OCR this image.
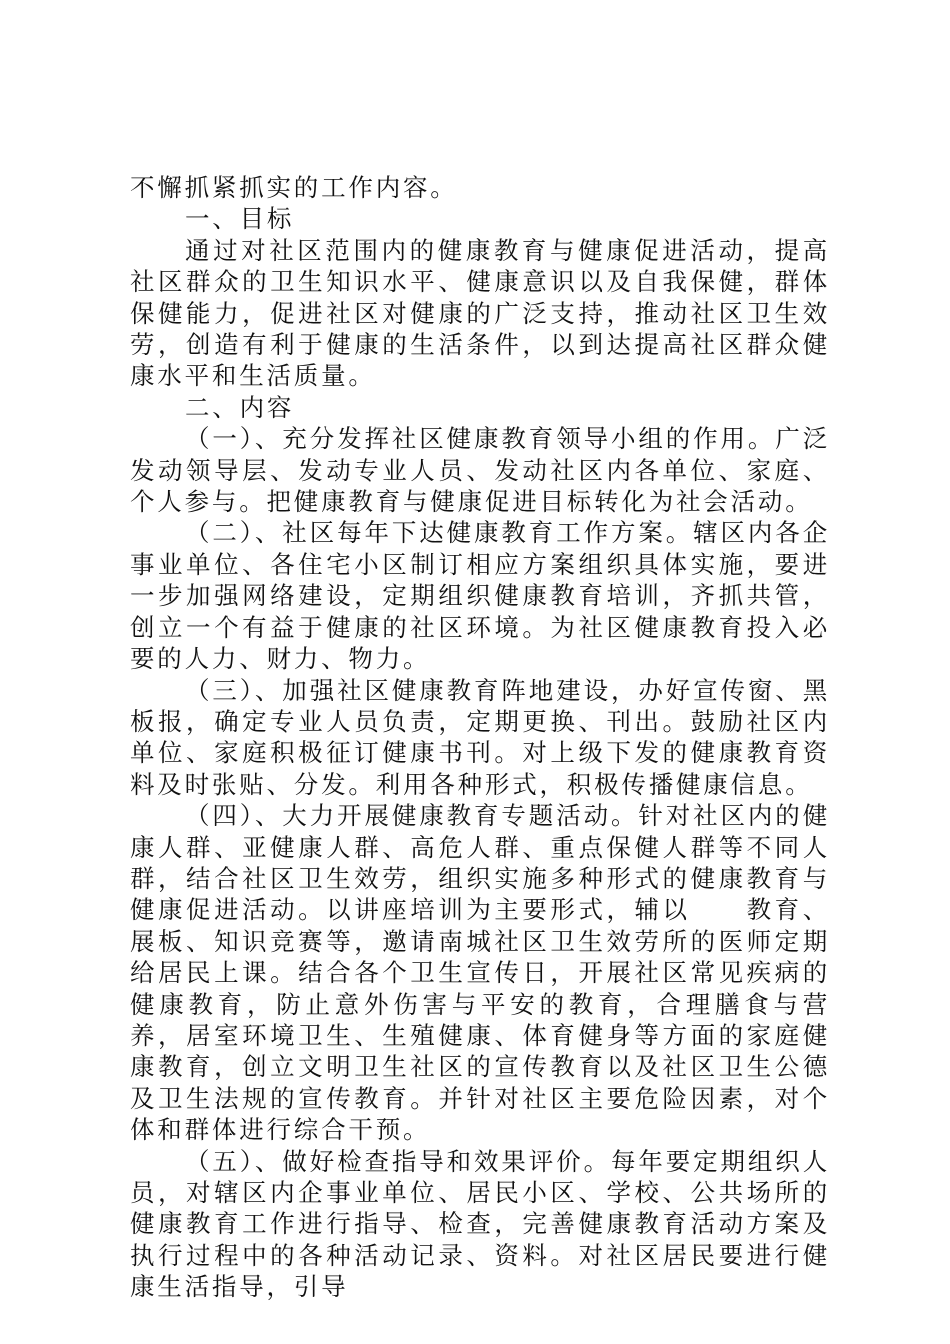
不懈抓紧抓实的工作内容。

一、目标

通过对社区范围内的健康教育与健康促进活动，提高社区群众的卫生知识水平、健康意识以及自我保健，群体保健能力，促进社区对健康的广泛支持，推动社区卫生效劳，创造有利于健康的生活条件，以到达提高社区群众健康水平和生活质量。

二、内容

（一）、充分发挥社区健康教育领导小组的作用。广泛发动领导层、发动专业人员、发动社区内各单位、家庭、个人参与。把健康教育与健康促进目标转化为社会活动。

（二）、社区每年下达健康教育工作方案。辖区内各企事业单位、各住宅小区制订相应方案组织具体实施，要进一步加强网络建设，定期组织健康教育培训，齐抓共管，创立一个有益于健康的社区环境。为社区健康教育投入必要的人力、财力、物力。

（三）、加强社区健康教育阵地建设，办好宣传窗、黑板报，确定专业人员负责，定期更换、刊出。鼓励社区内单位、家庭积极征订健康书刊。对上级下发的健康教育资料及时张贴、分发。利用各种形式，积极传播健康信息。

（四）、大力开展健康教育专题活动。针对社区内的健康人群、亚健康人群、高危人群、重点保健人群等不同人群，结合社区卫生效劳，组织实施多种形式的健康教育与健康促进活动。以讲座培训为主要形式，辅以　　教育、展板、知识竞赛等，邀请南城社区卫生效劳所的医师定期给居民上课。结合各个卫生宣传日，开展社区常见疾病的健康教育，防止意外伤害与平安的教育，合理膳食与营养，居室环境卫生、生殖健康、体育健身等方面的家庭健康教育，创立文明卫生社区的宣传教育以及社区卫生公德及卫生法规的宣传教育。并针对社区主要危险因素，对个体和群体进行综合干预。

（五）、做好检查指导和效果评价。每年要定期组织人员，对辖区内企事业单位、居民小区、学校、公共场所的健康教育工作进行指导、检查，完善健康教育活动方案及执行过程中的各种活动记录、资料。对社区居民要进行健康生活指导，引导
